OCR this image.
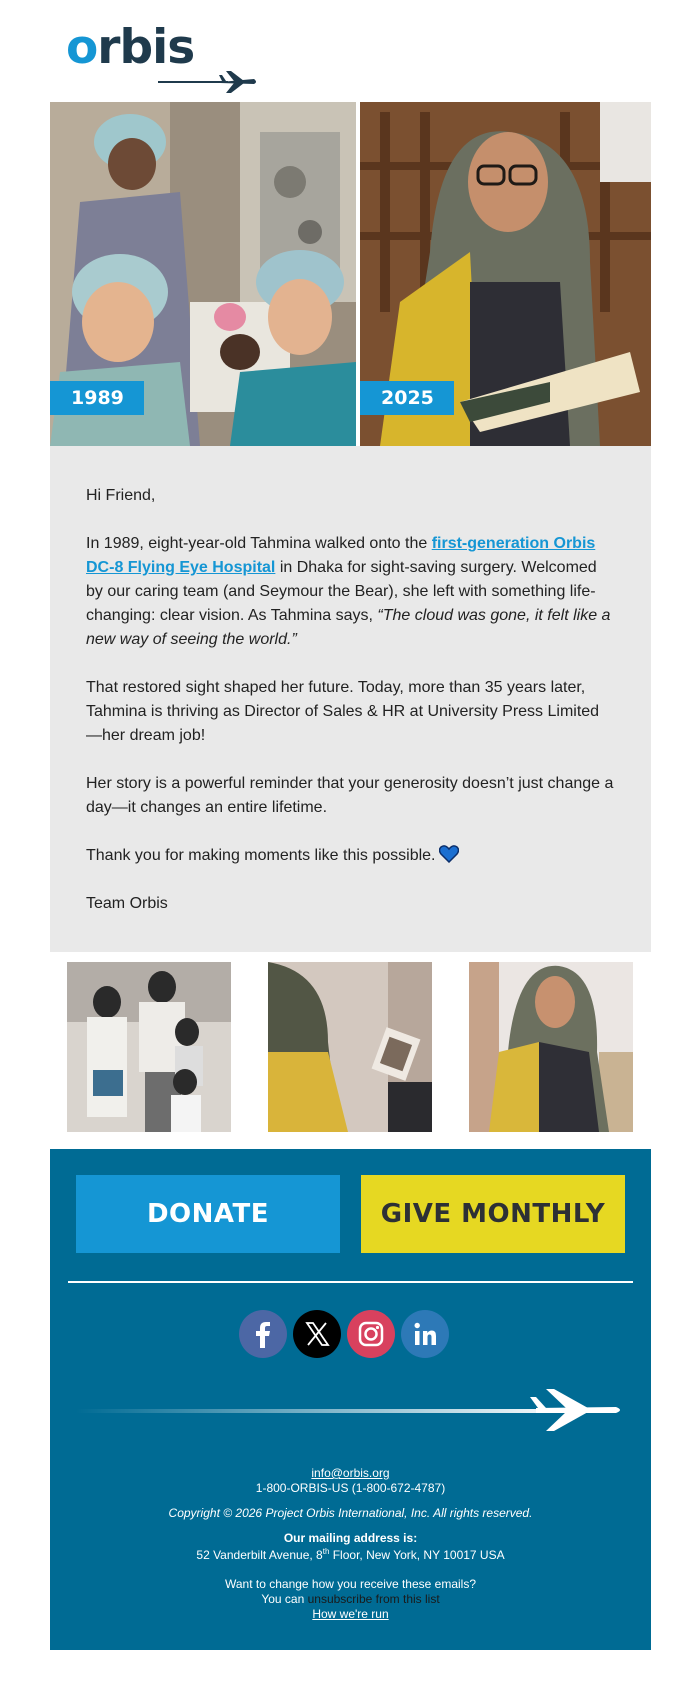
orbis
1989	2025

Hi Friend,

In 1989, eight-year-old Tahmina walked onto the first-generation Orbis DC-8 Flying Eye Hospital in Dhaka for sight-saving surgery. Welcomed by our caring team (and Seymour the Bear), she left with something life-changing: clear vision. As Tahmina says, “The cloud was gone, it felt like a new way of seeing the world.”

That restored sight shaped her future. Today, more than 35 years later, Tahmina is thriving as Director of Sales & HR at University Press Limited —her dream job!

Her story is a powerful reminder that your generosity doesn’t just change a day—it changes an entire lifetime.

Thank you for making moments like this possible.

Team Orbis

DONATE	GIVE MONTHLY
info@orbis.org
1-800-ORBIS-US (1-800-672-4787)
Copyright © 2026 Project Orbis International, Inc. All rights reserved.
Our mailing address is:
52 Vanderbilt Avenue, 8th Floor, New York, NY 10017 USA
Want to change how you receive these emails?
You can unsubscribe from this list
How we're run
